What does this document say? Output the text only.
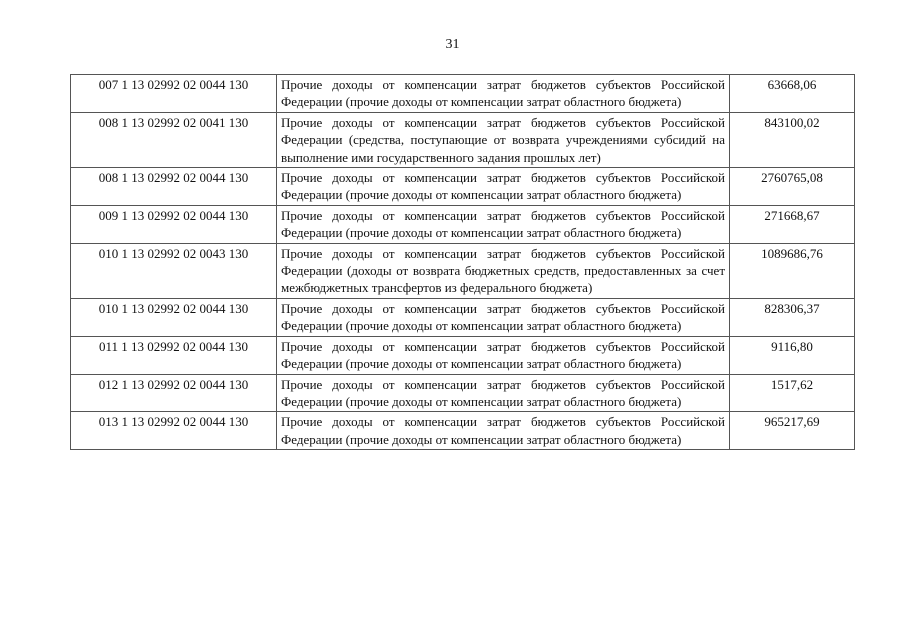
31
007 1 13 02992 02 0044 130	Прочие доходы от компенсации затрат бюджетов субъектов Российской Федерации (прочие доходы от компенсации затрат областного бюджета)	63668,06
008 1 13 02992 02 0041 130	Прочие доходы от компенсации затрат бюджетов субъектов Российской Федерации (средства, поступающие от возврата учреждениями субсидий на выполнение ими государственного задания прошлых лет)	843100,02
008 1 13 02992 02 0044 130	Прочие доходы от компенсации затрат бюджетов субъектов Российской Федерации (прочие доходы от компенсации затрат областного бюджета)	2760765,08
009 1 13 02992 02 0044 130	Прочие доходы от компенсации затрат бюджетов субъектов Российской Федерации (прочие доходы от компенсации затрат областного бюджета)	271668,67
010 1 13 02992 02 0043 130	Прочие доходы от компенсации затрат бюджетов субъектов Российской Федерации (доходы от возврата бюджетных средств, предоставленных за счет межбюджетных трансфертов из федерального бюджета)	1089686,76
010 1 13 02992 02 0044 130	Прочие доходы от компенсации затрат бюджетов субъектов Российской Федерации (прочие доходы от компенсации затрат областного бюджета)	828306,37
011 1 13 02992 02 0044 130	Прочие доходы от компенсации затрат бюджетов субъектов Российской Федерации (прочие доходы от компенсации затрат областного бюджета)	9116,80
012 1 13 02992 02 0044 130	Прочие доходы от компенсации затрат бюджетов субъектов Российской Федерации (прочие доходы от компенсации затрат областного бюджета)	1517,62
013 1 13 02992 02 0044 130	Прочие доходы от компенсации затрат бюджетов субъектов Российской Федерации (прочие доходы от компенсации затрат областного бюджета)	965217,69
